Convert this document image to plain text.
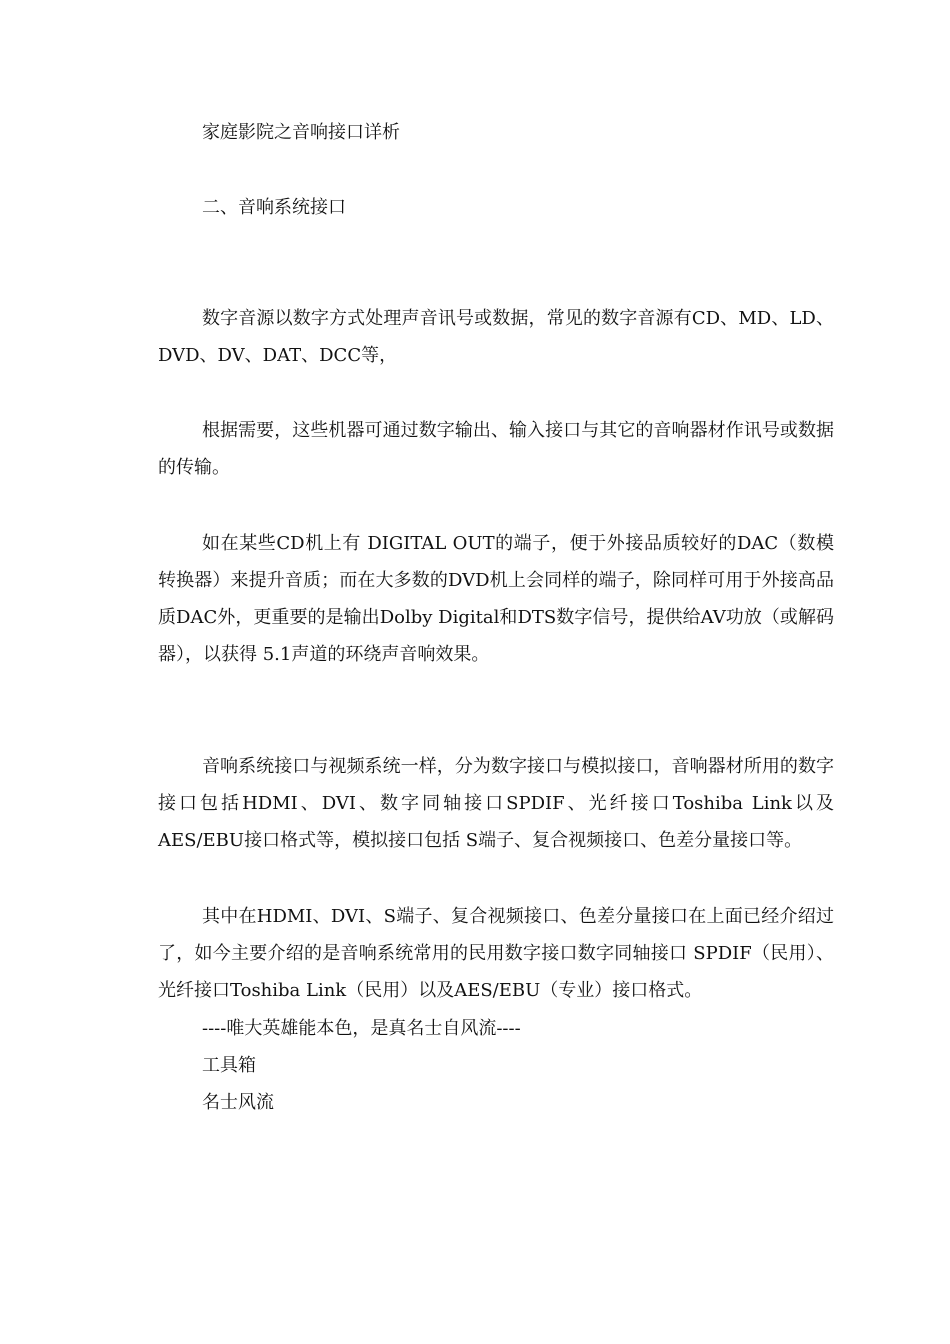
家庭影院之音响接口详析
二、音响系统接口

数字音源以数字方式处理声音讯号或数据，常见的数字音源有CD、MD、LD、DVD、DV、DAT、DCC等，

根据需要，这些机器可通过数字输出、输入接口与其它的音响器材作讯号或数据的传输。

如在某些CD机上有 DIGITAL OUT的端子，便于外接品质较好的DAC（数模转换器）来提升音质；而在大多数的DVD机上会同样的端子，除同样可用于外接高品质DAC外，更重要的是输出Dolby Digital和DTS数字信号，提供给AV功放（或解码器），以获得 5.1声道的环绕声音响效果。

音响系统接口与视频系统一样，分为数字接口与模拟接口，音响器材所用的数字接口包括HDMI、DVI、数字同轴接口SPDIF、光纤接口Toshiba Link以及AES/EBU接口格式等，模拟接口包括 S端子、复合视频接口、色差分量接口等。

其中在HDMI、DVI、S端子、复合视频接口、色差分量接口在上面已经介绍过了，如今主要介绍的是音响系统常用的民用数字接口数字同轴接口 SPDIF（民用）、光纤接口Toshiba Link（民用）以及AES/EBU（专业）接口格式。

----唯大英雄能本色，是真名士自风流----
工具箱
名士风流
